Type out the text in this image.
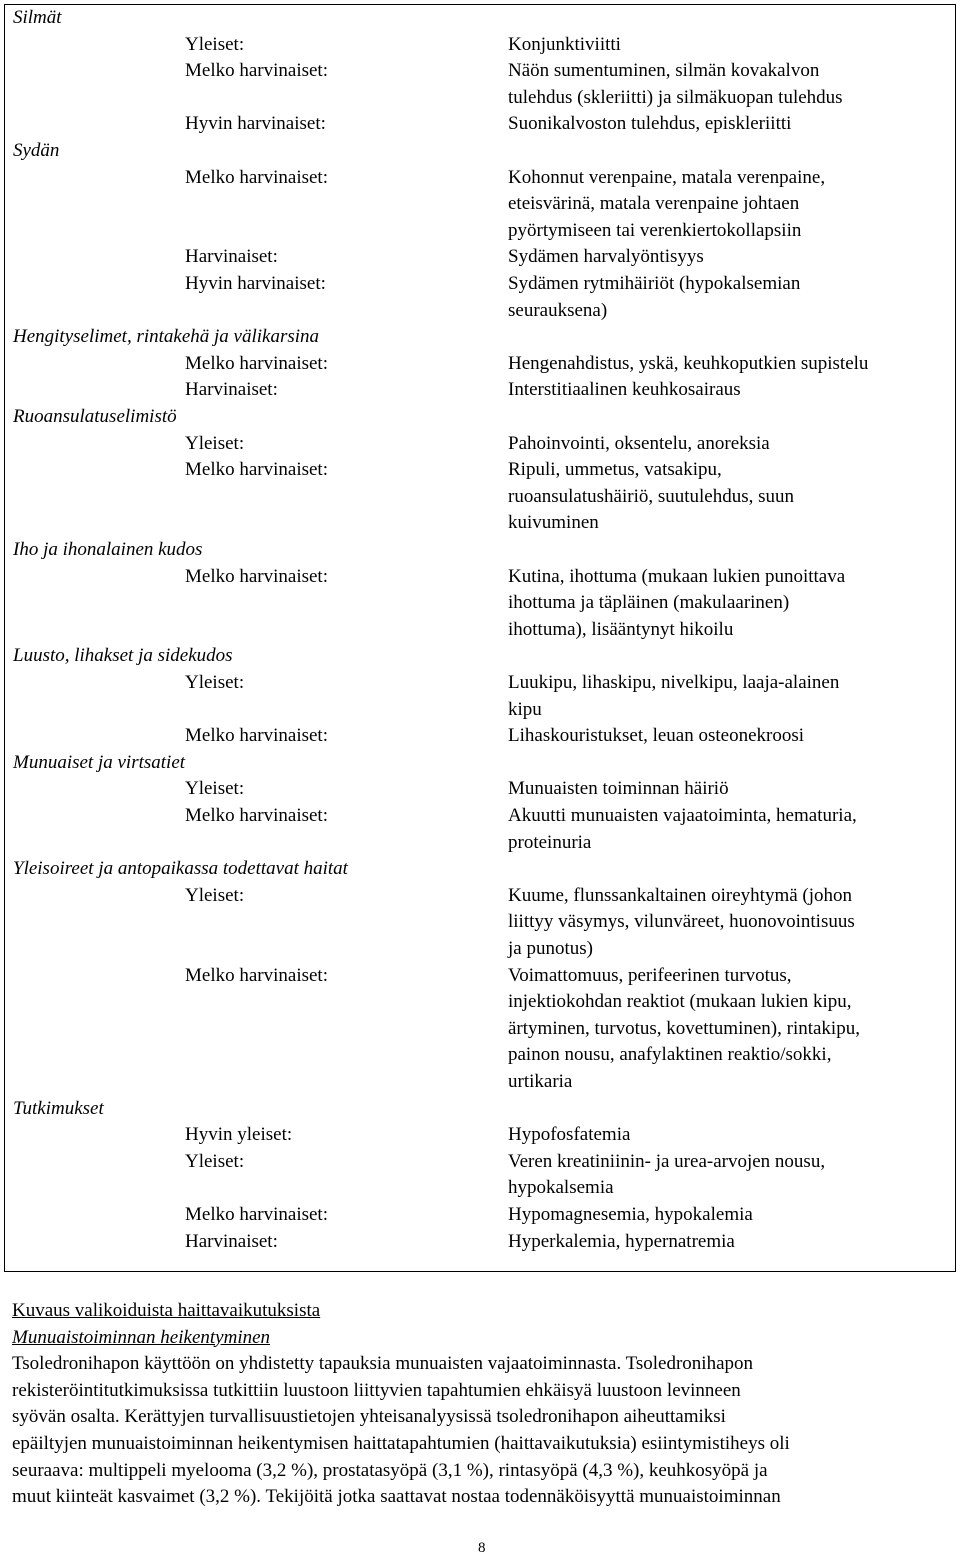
Silmät
Yleiset:	Konjunktiviitti
Melko harvinaiset:	Näön sumentuminen, silmän kovakalvon
tulehdus (skleriitti) ja silmäkuopan tulehdus
Hyvin harvinaiset:	Suonikalvoston tulehdus, episkleriitti
Sydän
Melko harvinaiset:	Kohonnut verenpaine, matala verenpaine,
eteisvärinä, matala verenpaine johtaen
pyörtymiseen tai verenkiertokollapsiin
Harvinaiset:	Sydämen harvalyöntisyys
Hyvin harvinaiset:	Sydämen rytmihäiriöt (hypokalsemian
seurauksena)
Hengityselimet, rintakehä ja välikarsina
Melko harvinaiset:	Hengenahdistus, yskä, keuhkoputkien supistelu
Harvinaiset:	Interstitiaalinen keuhkosairaus
Ruoansulatuselimistö
Yleiset:	Pahoinvointi, oksentelu, anoreksia
Melko harvinaiset:	Ripuli, ummetus, vatsakipu,
ruoansulatushäiriö, suutulehdus, suun
kuivuminen
Iho ja ihonalainen kudos
Melko harvinaiset:	Kutina, ihottuma (mukaan lukien punoittava
ihottuma ja täpläinen (makulaarinen)
ihottuma), lisääntynyt hikoilu
Luusto, lihakset ja sidekudos
Yleiset:	Luukipu, lihaskipu, nivelkipu, laaja-alainen
kipu
Melko harvinaiset:	Lihaskouristukset, leuan osteonekroosi
Munuaiset ja virtsatiet
Yleiset:	Munuaisten toiminnan häiriö
Melko harvinaiset:	Akuutti munuaisten vajaatoiminta, hematuria,
proteinuria
Yleisoireet ja antopaikassa todettavat haitat
Yleiset:	Kuume, flunssankaltainen oireyhtymä (johon
liittyy väsymys, vilunväreet, huonovointisuus
ja punotus)
Melko harvinaiset:	Voimattomuus, perifeerinen turvotus,
injektiokohdan reaktiot (mukaan lukien kipu,
ärtyminen, turvotus, kovettuminen), rintakipu,
painon nousu, anafylaktinen reaktio/sokki,
urtikaria
Tutkimukset
Hyvin yleiset:	Hypofosfatemia
Yleiset:	Veren kreatiniinin- ja urea-arvojen nousu,
hypokalsemia
Melko harvinaiset:	Hypomagnesemia, hypokalemia
Harvinaiset:	Hyperkalemia, hypernatremia
Kuvaus valikoiduista haittavaikutuksista
Munuaistoiminnan heikentyminen
Tsoledronihapon käyttöön on yhdistetty tapauksia munuaisten vajaatoiminnasta. Tsoledronihapon
rekisteröintitutkimuksissa tutkittiin luustoon liittyvien tapahtumien ehkäisyä luustoon levinneen
syövän osalta. Kerättyjen turvallisuustietojen yhteisanalyysissä tsoledronihapon aiheuttamiksi
epäiltyjen munuaistoiminnan heikentymisen haittatapahtumien (haittavaikutuksia) esiintymistiheys oli
seuraava: multippeli myelooma (3,2 %), prostatasyöpä (3,1 %), rintasyöpä (4,3 %), keuhkosyöpä ja
muut kiinteät kasvaimet (3,2 %). Tekijöitä jotka saattavat nostaa todennäköisyyttä munuaistoiminnan
8
